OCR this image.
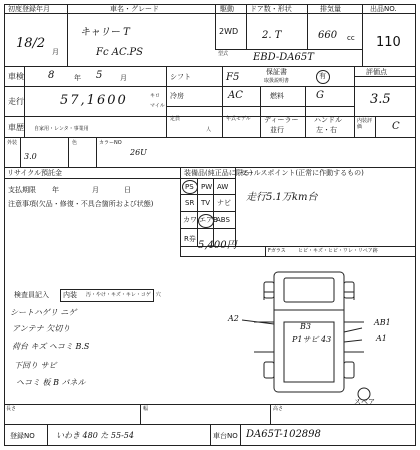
初度登録年月
18/2
月
車名・グレード
キャリー T
Fc AC.PS
駆動
2WD
ドア数・形状
2. T
排気量
660 cc
型式 EBD-DA65T
出品NO.
110
車検 8	年 5	月
走行	57,1600	キロ
マイル
車歴 自家用・レンタ・事業用
シフト	F5	保証書
取扱説明書
有
冷房	AC	燃料	G
評価点
3.5
定員
人
年式モデル ディーラー
並行
ハンドル
左・右
内装評価	C
外装
3.0
色	カラーNO
26U
リサイクル預託金
支払期限 年	月	日
注意事項(欠品・修復・不具合箇所および状態)
装備品(純正品に限る)
PS PW AW
SR TV ナビ
カワ エアB
ABS
セールスポイント(正常に作動するもの)
走行5.1万km台
R券
5,400円	Fガラス ヒビ・キズ・ヒビ・ワレ・リペア跡
検査員記入 内装 汚・やけ・キズ・キレ・コゲ・穴
シートハゲリ ニゲ
アンテナ 欠切り
荷台 キズ ヘコミ B.S
下回り サビ
ヘコミ 板 B パネル
A2	AB1
A1
B3
P1サビ 43
スペア
長さ	幅	高さ
登録NO	いわき 480 た 55-54	車台NO DA65T-102898
